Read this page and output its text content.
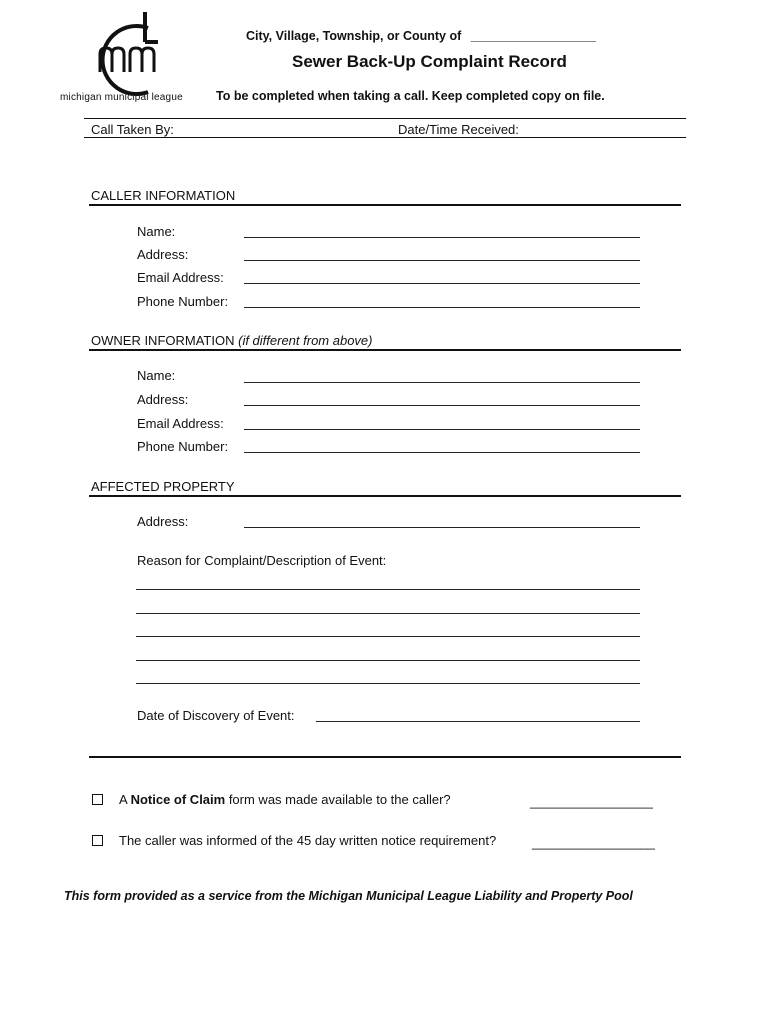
michigan municipal league
City, Village, Township, or County of __________________
Sewer Back-Up Complaint Record
To be completed when taking a call. Keep completed copy on file.
Call Taken By:	Date/Time Received:
CALLER INFORMATION
Name:
Address:
Email Address:
Phone Number:
OWNER INFORMATION (if different from above)
Name:
Address:
Email Address:
Phone Number:
AFFECTED PROPERTY
Address:
Reason for Complaint/Description of Event:
Date of Discovery of Event:
A Notice of Claim form was made available to the caller?	_________________
The caller was informed of the 45 day written notice requirement?	_________________
This form provided as a service from the Michigan Municipal League Liability and Property Pool
